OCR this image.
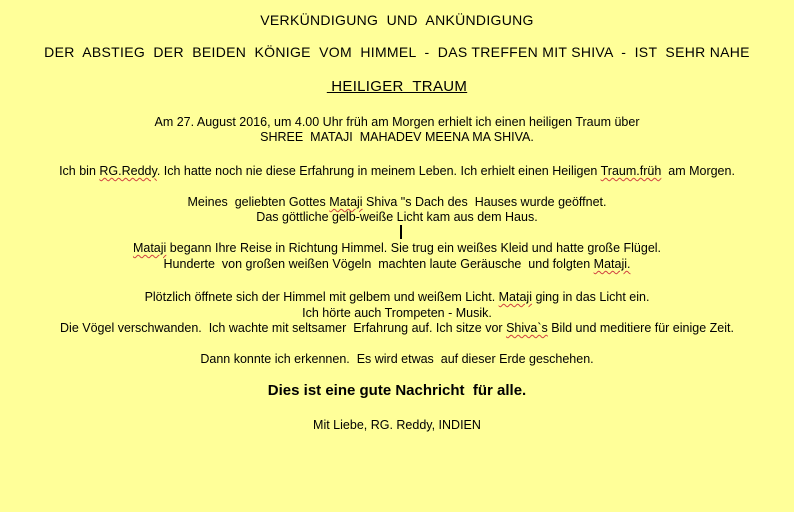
VERKÜNDIGUNG  UND  ANKÜNDIGUNG
DER  ABSTIEG  DER  BEIDEN  KÖNIGE  VOM  HIMMEL  -  DAS TREFFEN MIT SHIVA  -  IST  SEHR NAHE
HEILIGER  TRAUM
Am 27. August 2016, um 4.00 Uhr früh am Morgen erhielt ich einen heiligen Traum über
SHREE  MATAJI  MAHADEV MEENA MA SHIVA.
Ich bin RG.Reddy. Ich hatte noch nie diese Erfahrung in meinem Leben. Ich erhielt einen Heiligen Traum.früh  am Morgen.
Meines  geliebten Gottes Mataji Shiva "s Dach des  Hauses wurde geöffnet.
Das göttliche gelb-weiße Licht kam aus dem Haus.
Mataji begann Ihre Reise in Richtung Himmel. Sie trug ein weißes Kleid und hatte große Flügel.
Hunderte  von großen weißen Vögeln  machten laute Geräusche  und folgten Mataji.
Plötzlich öffnete sich der Himmel mit gelbem und weißem Licht. Mataji ging in das Licht ein.
Ich hörte auch Trompeten - Musik.
Die Vögel verschwanden.  Ich wachte mit seltsamer  Erfahrung auf. Ich sitze vor Shiva`s Bild und meditiere für einige Zeit.
Dann konnte ich erkennen.  Es wird etwas  auf dieser Erde geschehen.
Dies ist eine gute Nachricht  für alle.
Mit Liebe, RG. Reddy, INDIEN
